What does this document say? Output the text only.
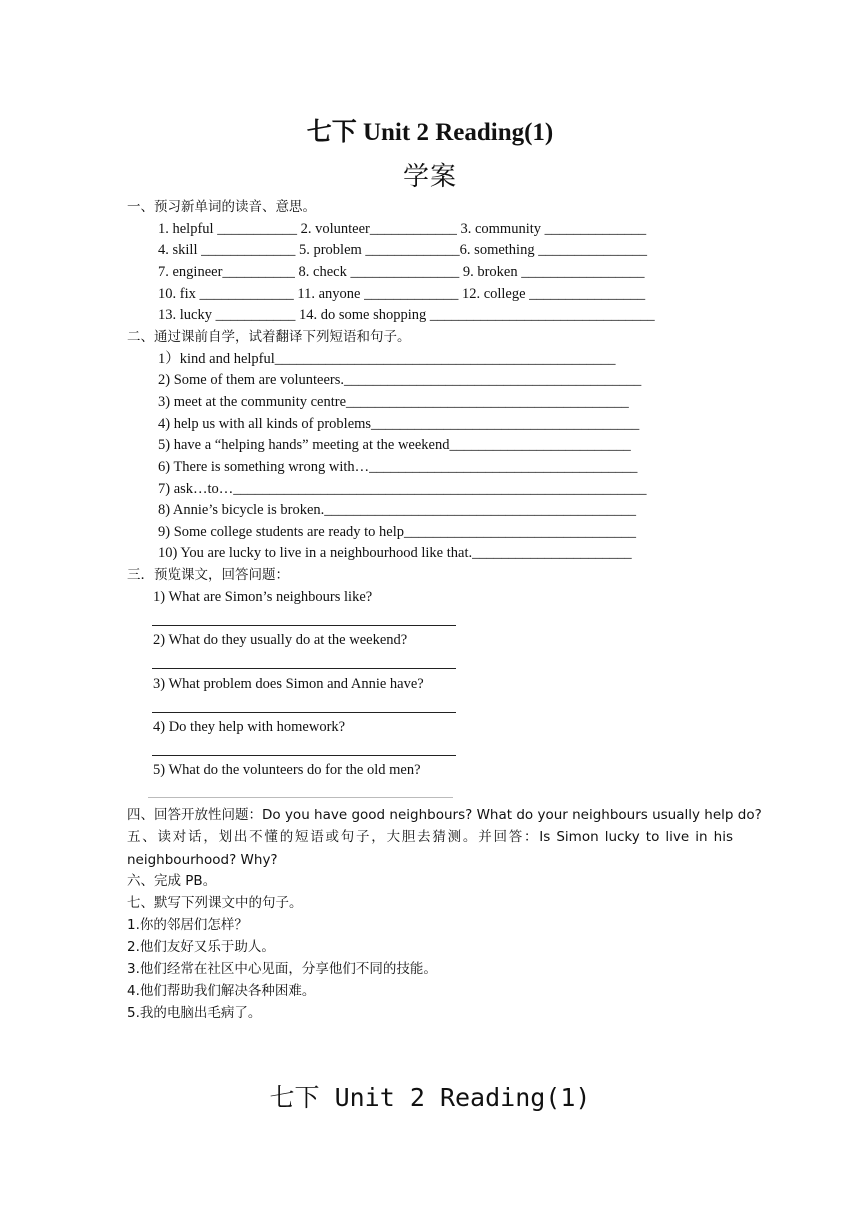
七下 Unit 2 Reading(1)
学案
一、预习新单词的读音、意思。
1. helpful ___________ 2. volunteer____________ 3. community ______________
4. skill _____________ 5. problem _____________6. something _______________
7. engineer__________ 8. check _______________ 9. broken _________________
10. fix _____________ 11. anyone _____________ 12. college ________________
13. lucky ___________ 14. do some shopping _______________________________
二、通过课前自学，试着翻译下列短语和句子。
1）kind and helpful_______________________________________________
2) Some of them are volunteers._________________________________________
3) meet at the community centre_______________________________________
4) help us with all kinds of problems_____________________________________
5) have a “helping hands” meeting at the weekend_________________________
6) There is something wrong with…_____________________________________
7) ask…to…_________________________________________________________
8) Annie’s bicycle is broken.___________________________________________
9) Some college students are ready to help________________________________
10) You are lucky to live in a neighbourhood like that.______________________
三．预览课文，回答问题：
1) What are Simon’s neighbours like?
2) What do they usually do at the weekend?
3) What problem does Simon and Annie have?
4) Do they help with homework?
5) What do the volunteers do for the old men?
四、回答开放性问题：Do you have good neighbours? What do your neighbours usually help do?
五、读对话，划出不懂的短语或句子，大胆去猜测。并回答：Is Simon lucky to live in his neighbourhood? Why?
六、完成 PB。
七、默写下列课文中的句子。
1.你的邻居们怎样？
2.他们友好又乐于助人。
3.他们经常在社区中心见面，分享他们不同的技能。
4.他们帮助我们解决各种困难。
5.我的电脑出毛病了。
七下 Unit 2 Reading(1)
